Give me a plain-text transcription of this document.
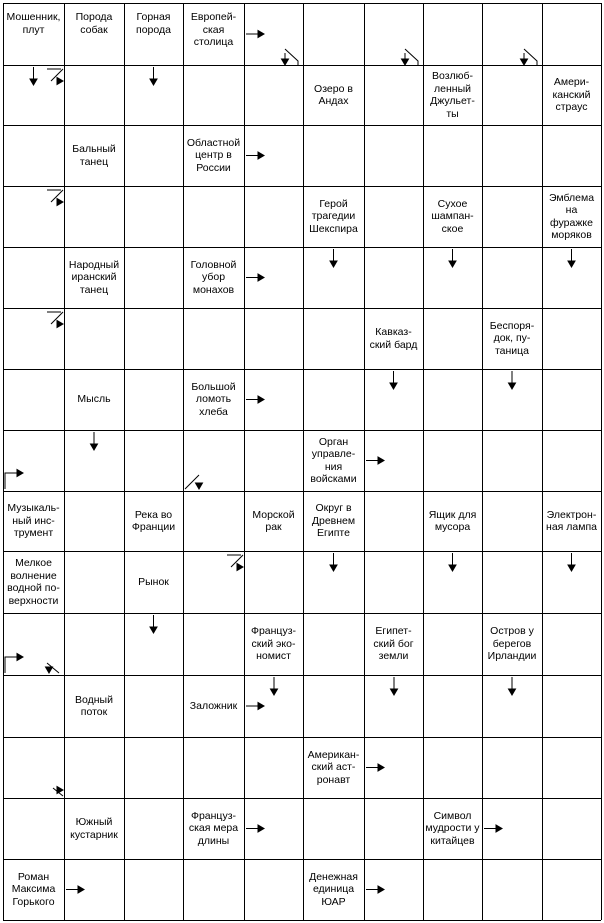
Мошенник, плут
Порода собак
Горная порода
Европей-ская столица
Озеро в Андах
Возлюб-ленный Джульет-ты
Амери-канский страус
Бальный танец
Областной центр в России
Герой трагедии Шекспира
Сухое шампан-ское
Эмблема на фуражке моряков
Народный иранский танец
Головной убор монахов
Кавказ-ский бард
Беспоря-док, пу-таница
Мысль
Большой ломоть хлеба
Орган управле-ния войсками
Музыкаль-ный инс-трумент
Река во Франции
Морской рак
Округ в Древнем Египте
Ящик для мусора
Электрон-ная лампа
Мелкое волнение водной по-верхности
Рынок
Француз-ский эко-номист
Египет-ский бог земли
Остров у берегов Ирландии
Водный поток
Заложник
Американ-ский аст-ронавт
Южный кустарник
Француз-ская мера длины
Символ мудрости у китайцев
Роман Максима Горького
Денежная единица ЮАР
